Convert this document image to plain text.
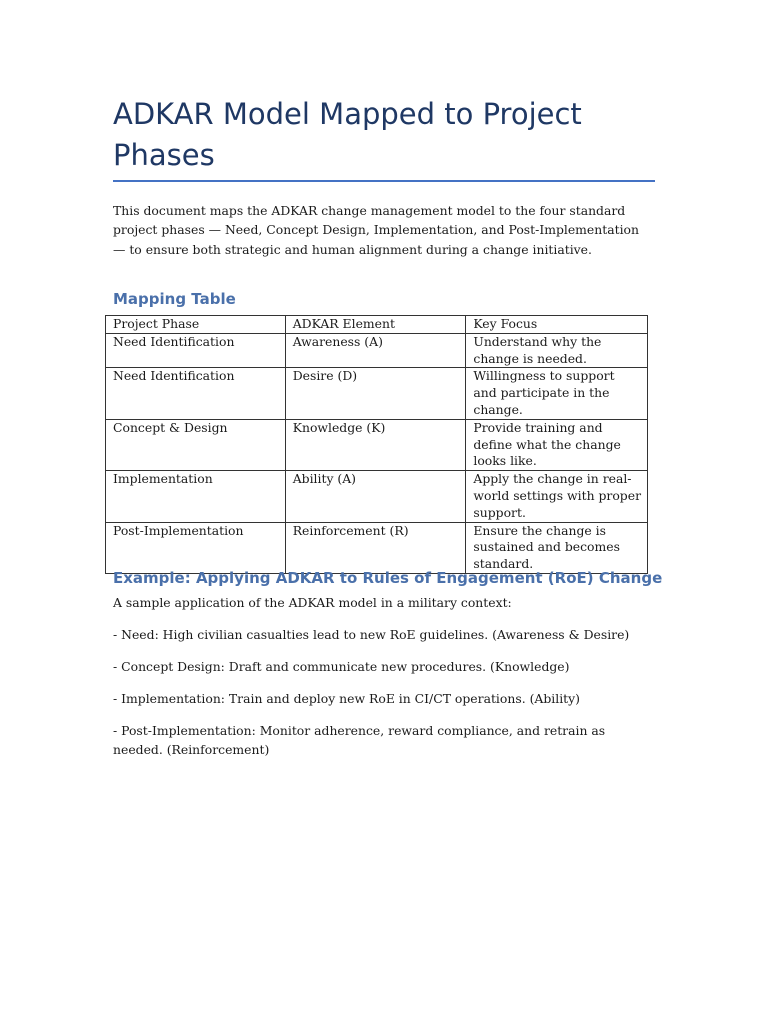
ADKAR Model Mapped to Project Phases

This document maps the ADKAR change management model to the four standard project phases — Need, Concept Design, Implementation, and Post-Implementation — to ensure both strategic and human alignment during a change initiative.

Mapping Table
Project Phase	ADKAR Element	Key Focus
Need Identification	Awareness (A)	Understand why the change is needed.
Need Identification	Desire (D)	Willingness to support and participate in the change.
Concept & Design	Knowledge (K)	Provide training and define what the change looks like.
Implementation	Ability (A)	Apply the change in real-world settings with proper support.
Post-Implementation	Reinforcement (R)	Ensure the change is sustained and becomes standard.
Example: Applying ADKAR to Rules of Engagement (RoE) Change

A sample application of the ADKAR model in a military context:

- Need: High civilian casualties lead to new RoE guidelines. (Awareness & Desire)

- Concept Design: Draft and communicate new procedures. (Knowledge)

- Implementation: Train and deploy new RoE in CI/CT operations. (Ability)

- Post-Implementation: Monitor adherence, reward compliance, and retrain as needed. (Reinforcement)
